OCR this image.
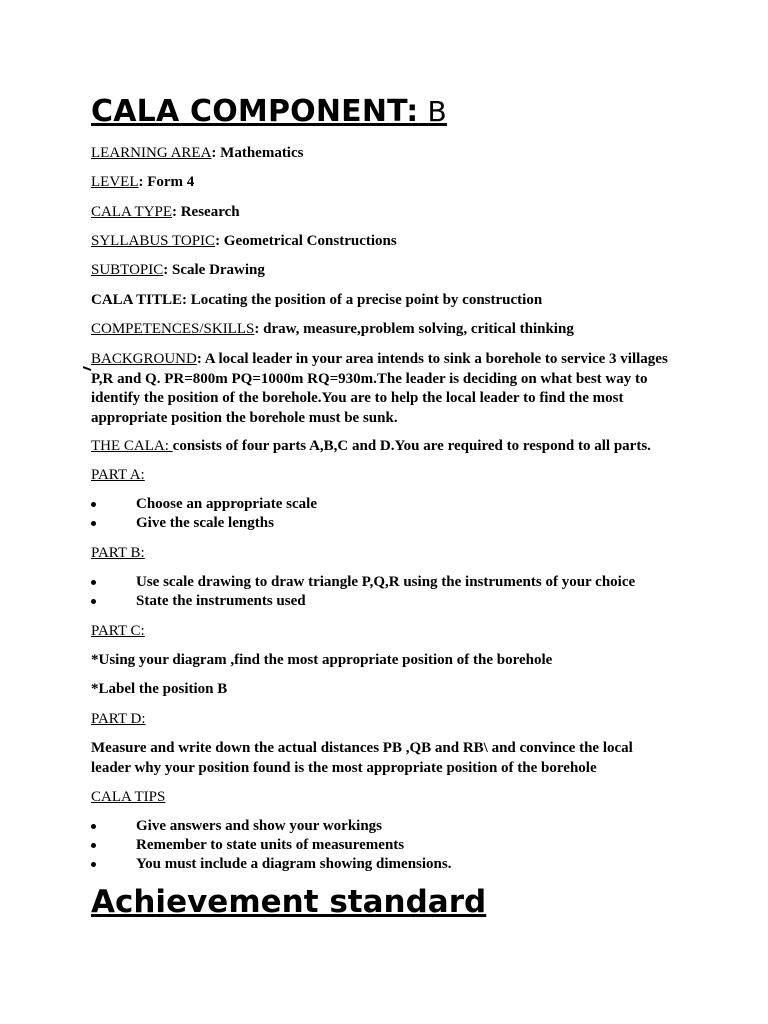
CALA COMPONENT: B

LEARNING AREA: Mathematics

LEVEL: Form 4

CALA TYPE: Research

SYLLABUS TOPIC: Geometrical Constructions

SUBTOPIC: Scale Drawing

CALA TITLE: Locating the position of a precise point by construction

COMPETENCES/SKILLS: draw, measure,problem solving, critical thinking

BACKGROUND: A local leader in your area intends to sink a borehole to service 3 villages P,R and Q. PR=800m PQ=1000m RQ=930m.The leader is deciding on what best way to identify the position of the borehole.You are to help the local leader to find the most appropriate position the borehole must be sunk.

THE CALA: consists of four parts A,B,C and D.You are required to respond to all parts.

PART A:

Choose an appropriate scale
Give the scale lengths

PART B:

Use scale drawing to draw triangle P,Q,R using the instruments of your choice
State the instruments used

PART C:

*Using your diagram ,find the most appropriate position of the borehole

*Label the position B

PART D:

Measure and write down the actual distances PB ,QB and RB\ and convince the local leader why your position found is the most appropriate position of the borehole

CALA TIPS

Give answers and show your workings
Remember to state units of measurements
You must include a diagram showing dimensions.
Achievement standard
